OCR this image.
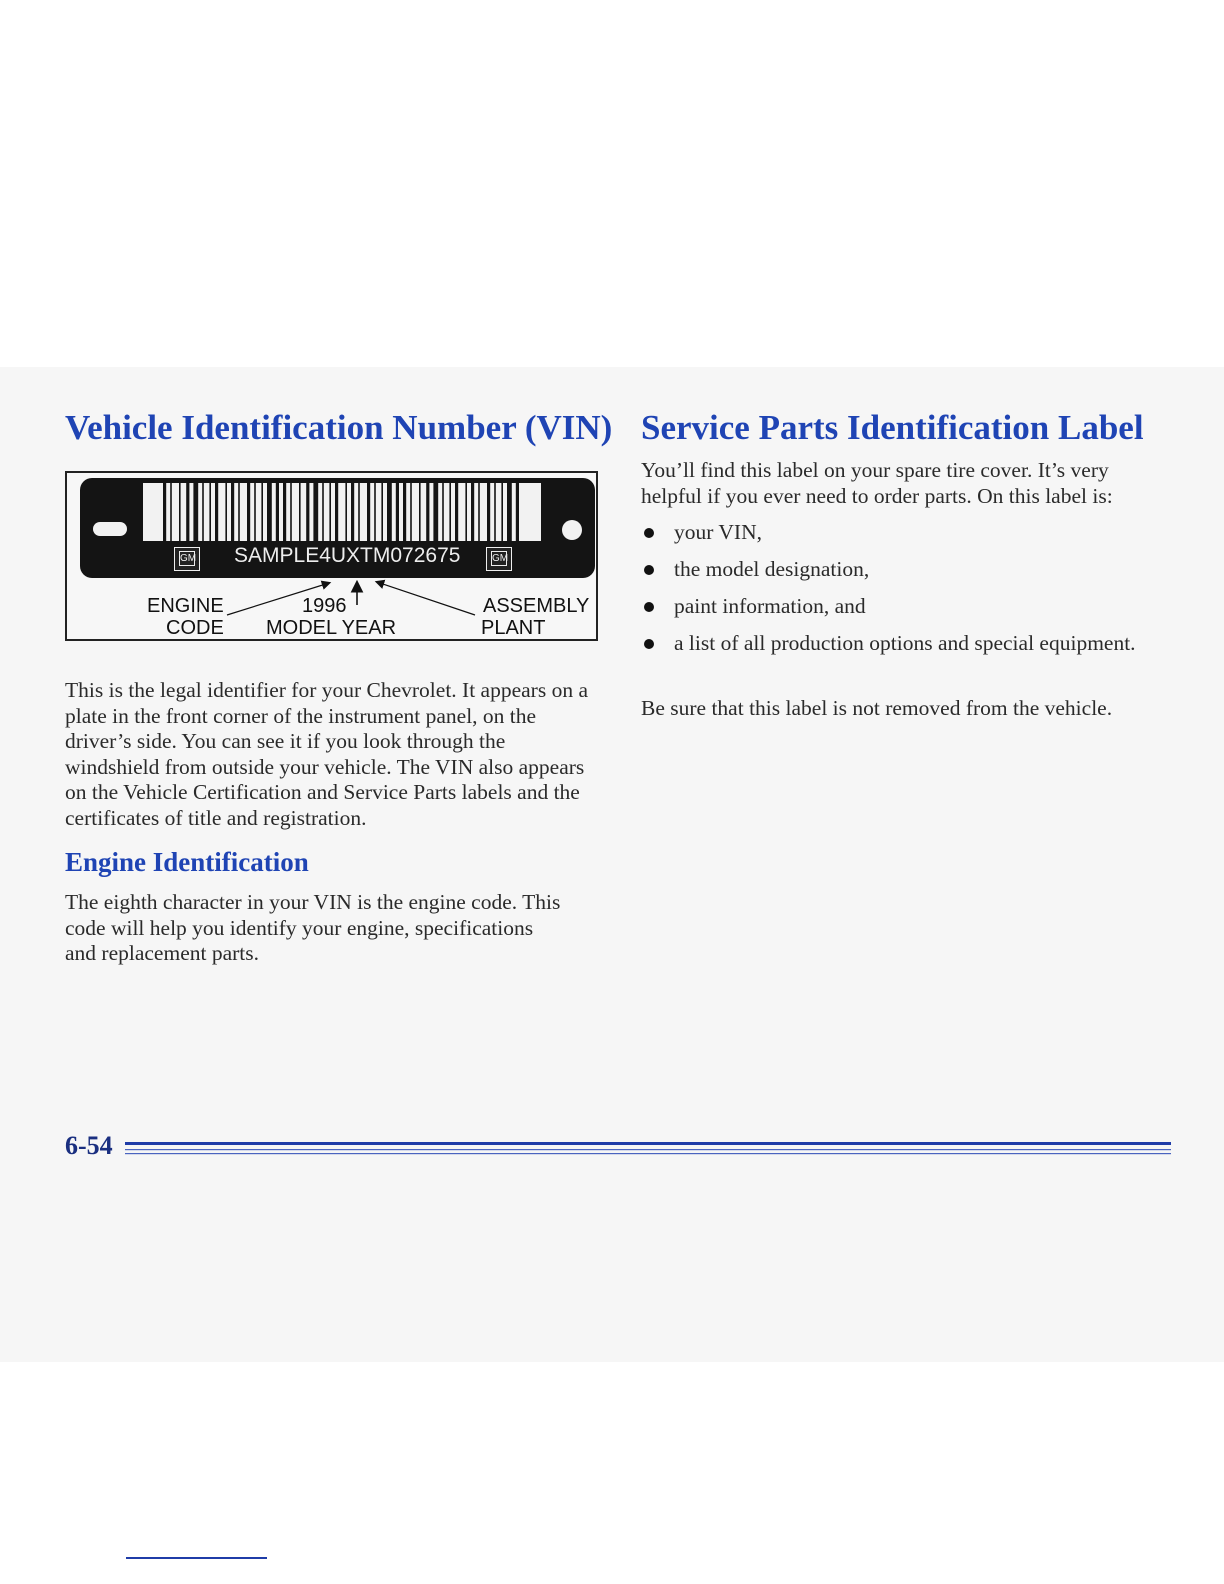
Vehicle Identification Number (VIN)
GM SAMPLE4UXTM072675	GM

ENGINE

CODE

1996

MODEL YEAR

ASSEMBLY

PLANT

This is the legal identifier for your Chevrolet. It appears on a plate in the front corner of the instrument panel, on the driver’s side. You can see it if you look through the windshield from outside your vehicle. The VIN also appears on the Vehicle Certification and Service Parts labels and the certificates of title and registration.

Engine Identification

The eighth character in your VIN is the engine code. This code will help you identify your engine, specifications and replacement parts.

Service Parts Identification Label

You’ll find this label on your spare tire cover. It’s very helpful if you ever need to order parts. On this label is:

your VIN,
the model designation,
paint information, and
a list of all production options and special equipment.

Be sure that this label is not removed from the vehicle.

6-54
